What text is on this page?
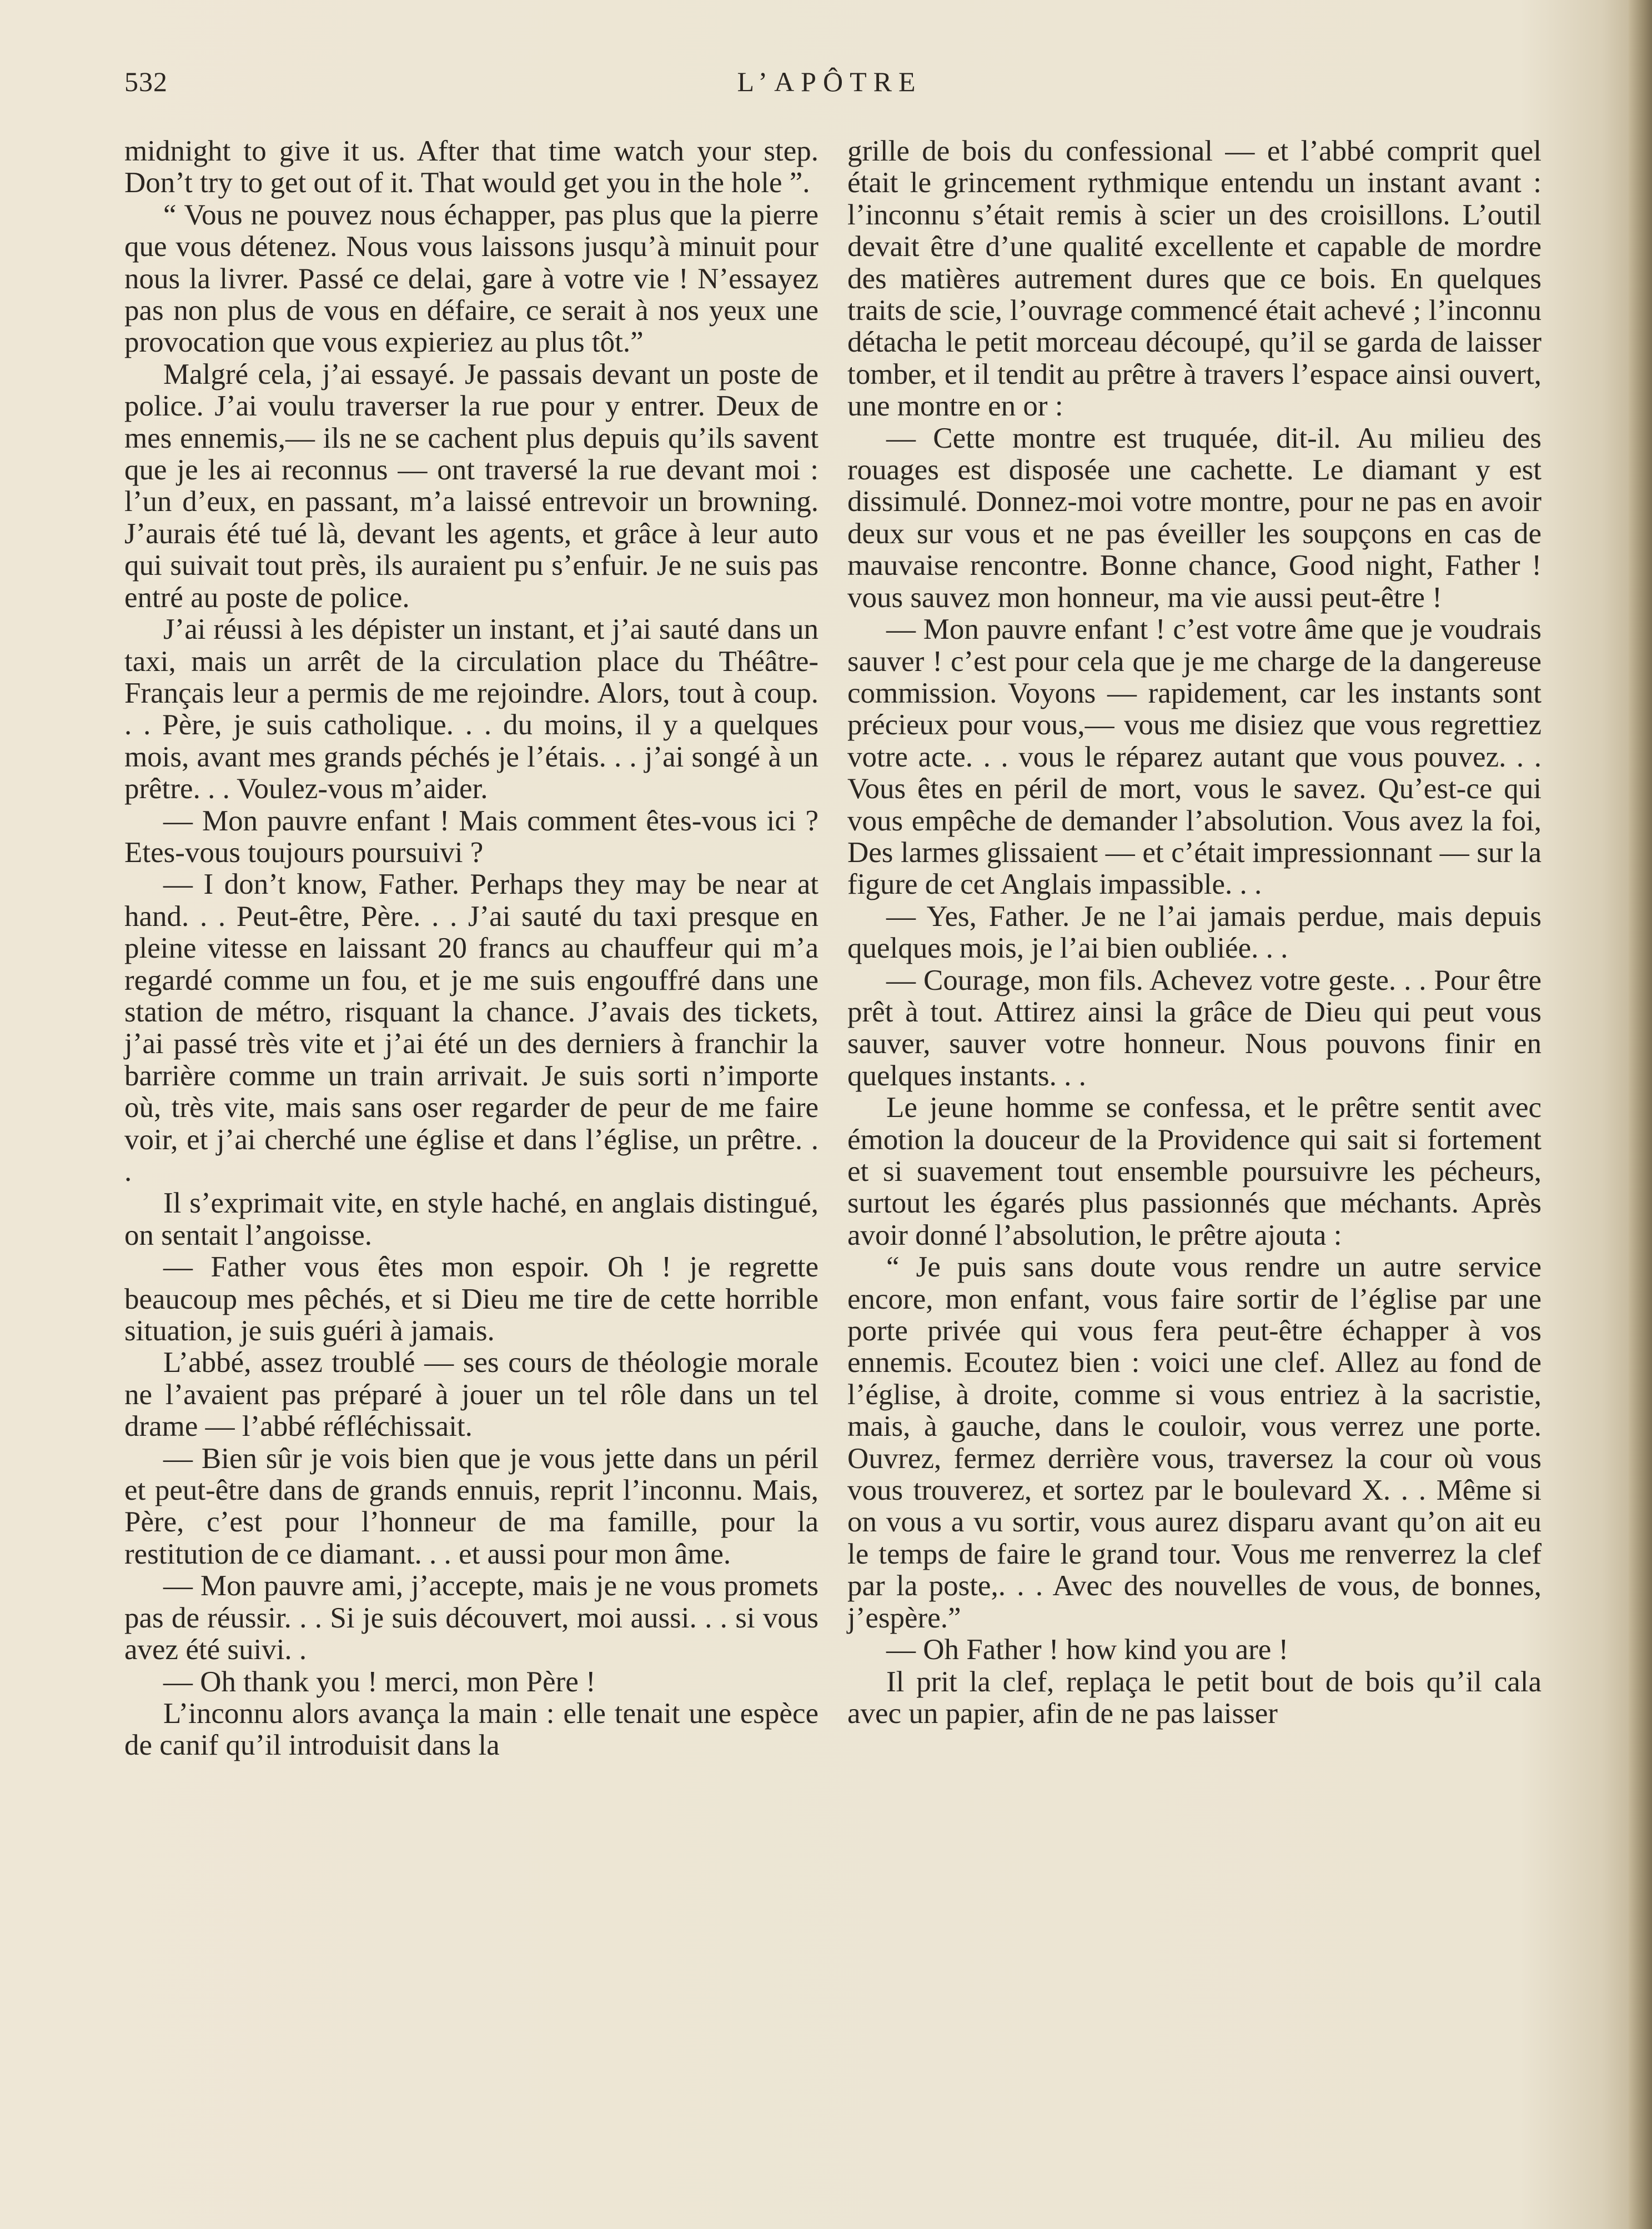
532	L’APÔTRE

midnight to give it us. After that time watch your step. Don’t try to get out of it. That would get you in the hole ”.

“ Vous ne pouvez nous échapper, pas plus que la pierre que vous détenez. Nous vous laissons jusqu’à minuit pour nous la livrer. Passé ce delai, gare à votre vie ! N’essayez pas non plus de vous en défaire, ce serait à nos yeux une provocation que vous expieriez au plus tôt.”

Malgré cela, j’ai essayé. Je passais devant un poste de police. J’ai voulu traverser la rue pour y entrer. Deux de mes ennemis,— ils ne se cachent plus depuis qu’ils savent que je les ai reconnus — ont traversé la rue devant moi : l’un d’eux, en passant, m’a laissé entrevoir un browning. J’aurais été tué là, devant les agents, et grâce à leur auto qui suivait tout près, ils auraient pu s’enfuir. Je ne suis pas entré au poste de police.

J’ai réussi à les dépister un instant, et j’ai sauté dans un taxi, mais un arrêt de la circulation place du Théâtre-Français leur a permis de me rejoindre. Alors, tout à coup. . . Père, je suis catholique. . . du moins, il y a quelques mois, avant mes grands péchés je l’étais. . . j’ai songé à un prêtre. . . Voulez-vous m’aider.

— Mon pauvre enfant ! Mais comment êtes-vous ici ? Etes-vous toujours poursuivi ?

— I don’t know, Father. Perhaps they may be near at hand. . . Peut-être, Père. . . J’ai sauté du taxi presque en pleine vitesse en laissant 20 francs au chauffeur qui m’a regardé comme un fou, et je me suis engouffré dans une station de métro, risquant la chance. J’avais des tickets, j’ai passé très vite et j’ai été un des derniers à franchir la barrière comme un train arrivait. Je suis sorti n’importe où, très vite, mais sans oser regarder de peur de me faire voir, et j’ai cherché une église et dans l’église, un prêtre. . .

Il s’exprimait vite, en style haché, en anglais distingué, on sentait l’angoisse.

— Father vous êtes mon espoir. Oh ! je regrette beaucoup mes pêchés, et si Dieu me tire de cette horrible situation, je suis guéri à jamais.

L’abbé, assez troublé — ses cours de théologie morale ne l’avaient pas préparé à jouer un tel rôle dans un tel drame — l’abbé réfléchissait.

— Bien sûr je vois bien que je vous jette dans un péril et peut-être dans de grands ennuis, reprit l’inconnu. Mais, Père, c’est pour l’honneur de ma famille, pour la restitution de ce diamant. . . et aussi pour mon âme.

— Mon pauvre ami, j’accepte, mais je ne vous promets pas de réussir. . . Si je suis découvert, moi aussi. . . si vous avez été suivi. .

— Oh thank you ! merci, mon Père !

L’inconnu alors avança la main : elle tenait une espèce de canif qu’il introduisit dans la

grille de bois du confessional — et l’abbé comprit quel était le grincement rythmique entendu un instant avant : l’inconnu s’était remis à scier un des croisillons. L’outil devait être d’une qualité excellente et capable de mordre des matières autrement dures que ce bois. En quelques traits de scie, l’ouvrage commencé était achevé ; l’inconnu détacha le petit morceau découpé, qu’il se garda de laisser tomber, et il tendit au prêtre à travers l’espace ainsi ouvert, une montre en or :

— Cette montre est truquée, dit-il. Au milieu des rouages est disposée une cachette. Le diamant y est dissimulé. Donnez-moi votre montre, pour ne pas en avoir deux sur vous et ne pas éveiller les soupçons en cas de mauvaise rencontre. Bonne chance, Good night, Father ! vous sauvez mon honneur, ma vie aussi peut-être !

— Mon pauvre enfant ! c’est votre âme que je voudrais sauver ! c’est pour cela que je me charge de la dangereuse commission. Voyons — rapidement, car les instants sont précieux pour vous,— vous me disiez que vous regrettiez votre acte. . . vous le réparez autant que vous pouvez. . . Vous êtes en péril de mort, vous le savez. Qu’est-ce qui vous empêche de demander l’absolution. Vous avez la foi, Des larmes glissaient — et c’était impressionnant — sur la figure de cet Anglais impassible. . .

— Yes, Father. Je ne l’ai jamais perdue, mais depuis quelques mois, je l’ai bien oubliée. . .

— Courage, mon fils. Achevez votre geste. . . Pour être prêt à tout. Attirez ainsi la grâce de Dieu qui peut vous sauver, sauver votre honneur. Nous pouvons finir en quelques instants. . .

Le jeune homme se confessa, et le prêtre sentit avec émotion la douceur de la Providence qui sait si fortement et si suavement tout ensemble poursuivre les pécheurs, surtout les égarés plus passionnés que méchants. Après avoir donné l’absolution, le prêtre ajouta :

“ Je puis sans doute vous rendre un autre service encore, mon enfant, vous faire sortir de l’église par une porte privée qui vous fera peut-être échapper à vos ennemis. Ecoutez bien : voici une clef. Allez au fond de l’église, à droite, comme si vous entriez à la sacristie, mais, à gauche, dans le couloir, vous verrez une porte. Ouvrez, fermez derrière vous, traversez la cour où vous vous trouverez, et sortez par le boulevard X. . . Même si on vous a vu sortir, vous aurez disparu avant qu’on ait eu le temps de faire le grand tour. Vous me renverrez la clef par la poste,. . . Avec des nouvelles de vous, de bonnes, j’espère.”

— Oh Father ! how kind you are !

Il prit la clef, replaça le petit bout de bois qu’il cala avec un papier, afin de ne pas laisser
